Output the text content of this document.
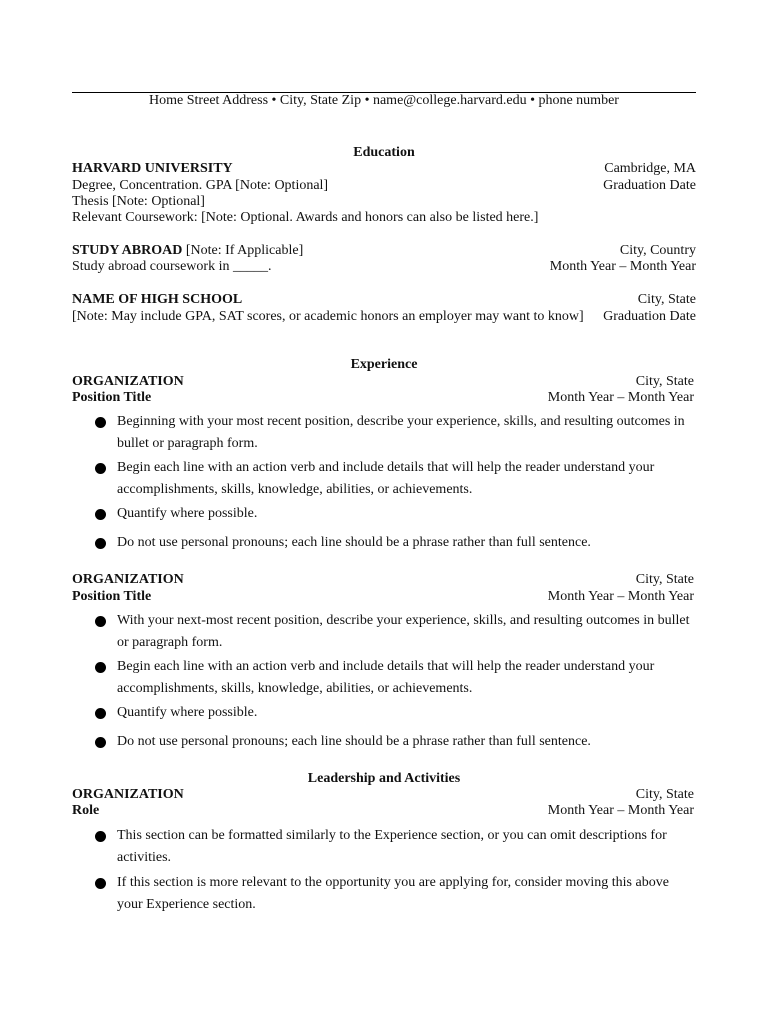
Home Street Address • City, State Zip • name@college.harvard.edu • phone number
Education
HARVARD UNIVERSITY	Cambridge, MA
Degree, Concentration. GPA [Note: Optional]	Graduation Date
Thesis [Note: Optional]
Relevant Coursework: [Note: Optional. Awards and honors can also be listed here.]
STUDY ABROAD [Note: If Applicable]	City, Country
Study abroad coursework in _____.	Month Year – Month Year
NAME OF HIGH SCHOOL	City, State
[Note: May include GPA, SAT scores, or academic honors an employer may want to know] Graduation Date
Experience
ORGANIZATION	City, State
Position Title	Month Year – Month Year
Beginning with your most recent position, describe your experience, skills, and resulting outcomes in bullet or paragraph form.
Begin each line with an action verb and include details that will help the reader understand your accomplishments, skills, knowledge, abilities, or achievements.
Quantify where possible.
Do not use personal pronouns; each line should be a phrase rather than full sentence.
ORGANIZATION	City, State
Position Title	Month Year – Month Year
With your next-most recent position, describe your experience, skills, and resulting outcomes in bullet or paragraph form.
Begin each line with an action verb and include details that will help the reader understand your accomplishments, skills, knowledge, abilities, or achievements.
Quantify where possible.
Do not use personal pronouns; each line should be a phrase rather than full sentence.
Leadership and Activities
ORGANIZATION	City, State
Role	Month Year – Month Year
This section can be formatted similarly to the Experience section, or you can omit descriptions for activities.
If this section is more relevant to the opportunity you are applying for, consider moving this above your Experience section.
